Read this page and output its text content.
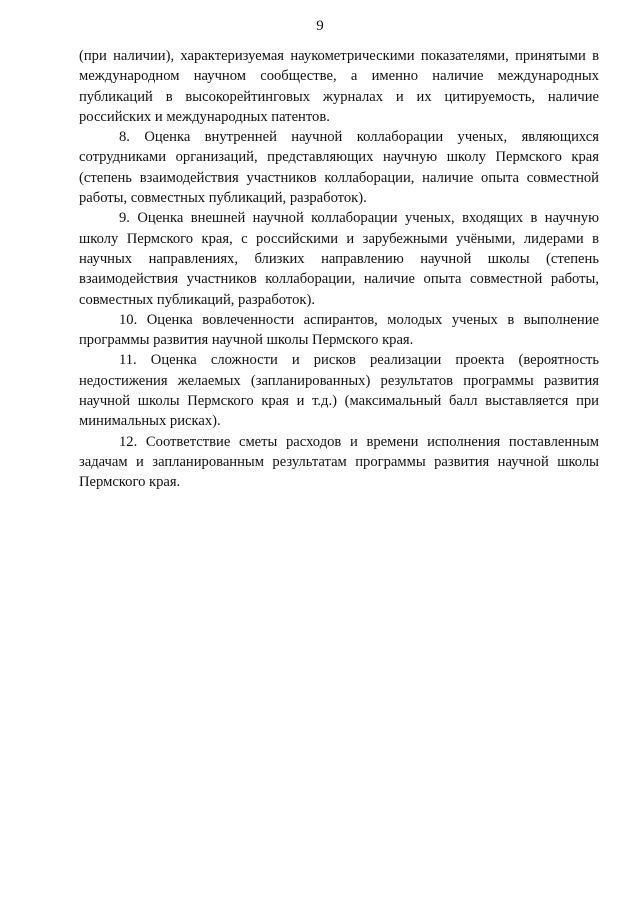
9

(при наличии), характеризуемая наукометрическими показателями, принятыми в международном научном сообществе, а именно наличие международных публикаций в высокорейтинговых журналах и их цитируемость, наличие российских и международных патентов.

8. Оценка внутренней научной коллаборации ученых, являющихся сотрудниками организаций, представляющих научную школу Пермского края (степень взаимодействия участников коллаборации, наличие опыта совместной работы, совместных публикаций, разработок).

9. Оценка внешней научной коллаборации ученых, входящих в научную школу Пермского края, с российскими и зарубежными учёными, лидерами в научных направлениях, близких направлению научной школы (степень взаимодействия участников коллаборации, наличие опыта совместной работы, совместных публикаций, разработок).

10. Оценка вовлеченности аспирантов, молодых ученых в выполнение программы развития научной школы Пермского края.

11. Оценка сложности и рисков реализации проекта (вероятность недостижения желаемых (запланированных) результатов программы развития научной школы Пермского края и т.д.) (максимальный балл выставляется при минимальных рисках).

12. Соответствие сметы расходов и времени исполнения поставленным задачам и запланированным результатам программы развития научной школы Пермского края.
